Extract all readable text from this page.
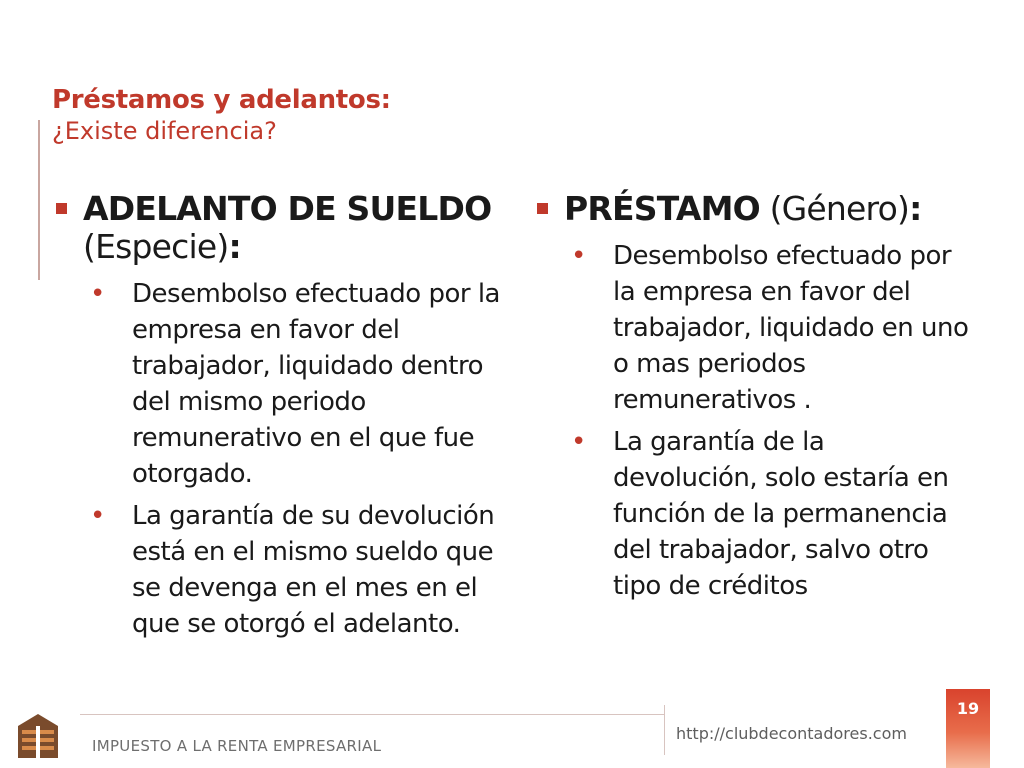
Préstamos y adelantos:
¿Existe diferencia?
ADELANTO DE SUELDO
(Especie):
•	Desembolso efectuado por la empresa en favor del trabajador, liquidado dentro del mismo periodo remunerativo en el que fue otorgado.
•	La garantía de su devolución está en el mismo sueldo que se devenga en el mes en el que se otorgó el adelanto.
PRÉSTAMO (Género):
•	Desembolso efectuado por la empresa en favor del trabajador, liquidado en uno o mas periodos remunerativos .
•	La garantía de la devolución, solo estaría en función de la permanencia del trabajador, salvo otro tipo de créditos
IMPUESTO A LA RENTA EMPRESARIAL
http://clubdecontadores.com
19
